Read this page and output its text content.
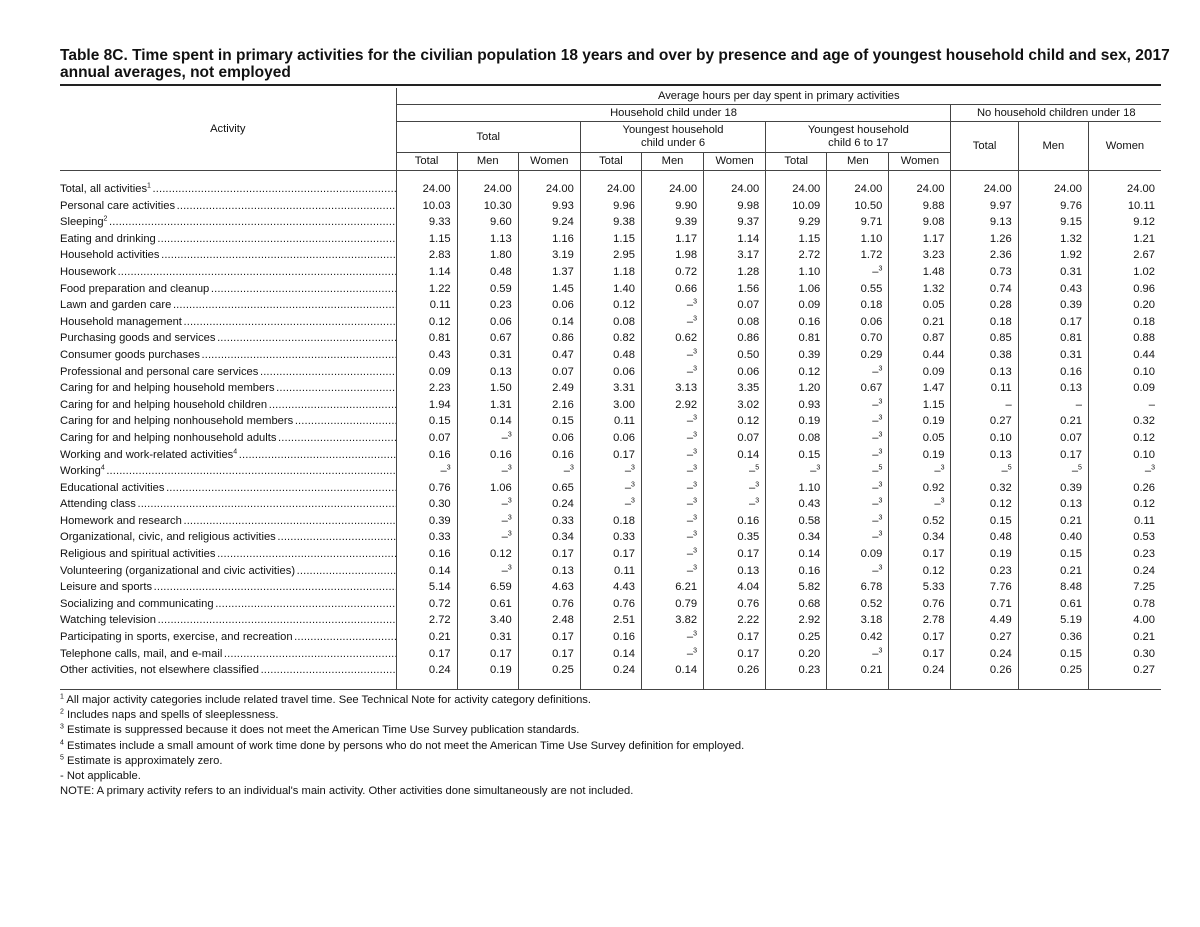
Table 8C. Time spent in primary activities for the civilian population 18 years and over by presence and age of youngest household child and sex, 2017 annual averages, not employed
Activity	Average hours per day spent in primary activities											
	Household child under 18									No household children under 18		
	Total			Youngest household child under 6			Youngest household child 6 to 17			Total	Men	Women
	Total	Men	Women	Total	Men	Women	Total	Men	Women			

Total, all activities$^1$ . . .	24.00	24.00	24.00	24.00	24.00	24.00	24.00	24.00	24.00	24.00	24.00	24.00

Personal care activities . . .	10.03	10.30	9.93	9.96	9.90	9.98	10.09	10.50	9.88	9.97	9.76	10.11

Sleeping$^2$ . . .	9.33	9.60	9.24	9.38	9.39	9.37	9.29	9.71	9.08	9.13	9.15	9.12

Eating and drinking . . .	1.15	1.13	1.16	1.15	1.17	1.14	1.15	1.10	1.17	1.26	1.32	1.21

Household activities . . .	2.83	1.80	3.19	2.95	1.98	3.17	2.72	1.72	3.23	2.36	1.92	2.67

Housework . . .	1.14	0.48	1.37	1.18	0.72	1.28	1.10	–$^3$	1.48	0.73	0.31	1.02

Food preparation and cleanup . . .	1.22	0.59	1.45	1.40	0.66	1.56	1.06	0.55	1.32	0.74	0.43	0.96

Lawn and garden care . . .	0.11	0.23	0.06	0.12	–$^3$	0.07	0.09	0.18	0.05	0.28	0.39	0.20

Household management . . .	0.12	0.06	0.14	0.08	–$^3$	0.08	0.16	0.06	0.21	0.18	0.17	0.18

Purchasing goods and services . . .	0.81	0.67	0.86	0.82	0.62	0.86	0.81	0.70	0.87	0.85	0.81	0.88

Consumer goods purchases . . .	0.43	0.31	0.47	0.48	–$^3$	0.50	0.39	0.29	0.44	0.38	0.31	0.44

Professional and personal care services . . .	0.09	0.13	0.07	0.06	–$^3$	0.06	0.12	–$^3$	0.09	0.13	0.16	0.10

Caring for and helping household members . . .	2.23	1.50	2.49	3.31	3.13	3.35	1.20	0.67	1.47	0.11	0.13	0.09

Caring for and helping household children . . .	1.94	1.31	2.16	3.00	2.92	3.02	0.93	–$^3$	1.15	–	–	–

Caring for and helping nonhousehold members . . .	0.15	0.14	0.15	0.11	–$^3$	0.12	0.19	–$^3$	0.19	0.27	0.21	0.32

Caring for and helping nonhousehold adults . . .	0.07	–$^3$	0.06	0.06	–$^3$	0.07	0.08	–$^3$	0.05	0.10	0.07	0.12

Working and work-related activities$^4$ . . .	0.16	0.16	0.16	0.17	–$^3$	0.14	0.15	–$^3$	0.19	0.13	0.17	0.10

Working$^4$ . . .	–$^3$	–$^3$	–$^3$	–$^3$	–$^3$	–$^5$	–$^3$	–$^5$	–$^3$	–$^5$	–$^5$	–$^3$

Educational activities . . .	0.76	1.06	0.65	–$^3$	–$^3$	–$^3$	1.10	–$^3$	0.92	0.32	0.39	0.26

Attending class . . .	0.30	–$^3$	0.24	–$^3$	–$^3$	–$^3$	0.43	–$^3$	–$^3$	0.12	0.13	0.12

Homework and research . . .	0.39	–$^3$	0.33	0.18	–$^3$	0.16	0.58	–$^3$	0.52	0.15	0.21	0.11

Organizational, civic, and religious activities . . .	0.33	–$^3$	0.34	0.33	–$^3$	0.35	0.34	–$^3$	0.34	0.48	0.40	0.53

Religious and spiritual activities . . .	0.16	0.12	0.17	0.17	–$^3$	0.17	0.14	0.09	0.17	0.19	0.15	0.23

Volunteering (organizational and civic activities) . . .	0.14	–$^3$	0.13	0.11	–$^3$	0.13	0.16	–$^3$	0.12	0.23	0.21	0.24

Leisure and sports . . .	5.14	6.59	4.63	4.43	6.21	4.04	5.82	6.78	5.33	7.76	8.48	7.25

Socializing and communicating . . .	0.72	0.61	0.76	0.76	0.79	0.76	0.68	0.52	0.76	0.71	0.61	0.78

Watching television . . .	2.72	3.40	2.48	2.51	3.82	2.22	2.92	3.18	2.78	4.49	5.19	4.00

Participating in sports, exercise, and recreation . . .	0.21	0.31	0.17	0.16	–$^3$	0.17	0.25	0.42	0.17	0.27	0.36	0.21

Telephone calls, mail, and e-mail . . .	0.17	0.17	0.17	0.14	–$^3$	0.17	0.20	–$^3$	0.17	0.24	0.15	0.30

Other activities, not elsewhere classified . . .	0.24	0.19	0.25	0.24	0.14	0.26	0.23	0.21	0.24	0.26	0.25	0.27

$^1$ All major activity categories include related travel time. See Technical Note for activity category definitions.

$^2$ Includes naps and spells of sleeplessness.

$^3$ Estimate is suppressed because it does not meet the American Time Use Survey publication standards.

$^4$ Estimates include a small amount of work time done by persons who do not meet the American Time Use Survey definition for employed.

$^5$ Estimate is approximately zero.

- Not applicable.

NOTE: A primary activity refers to an individual's main activity. Other activities done simultaneously are not included.
